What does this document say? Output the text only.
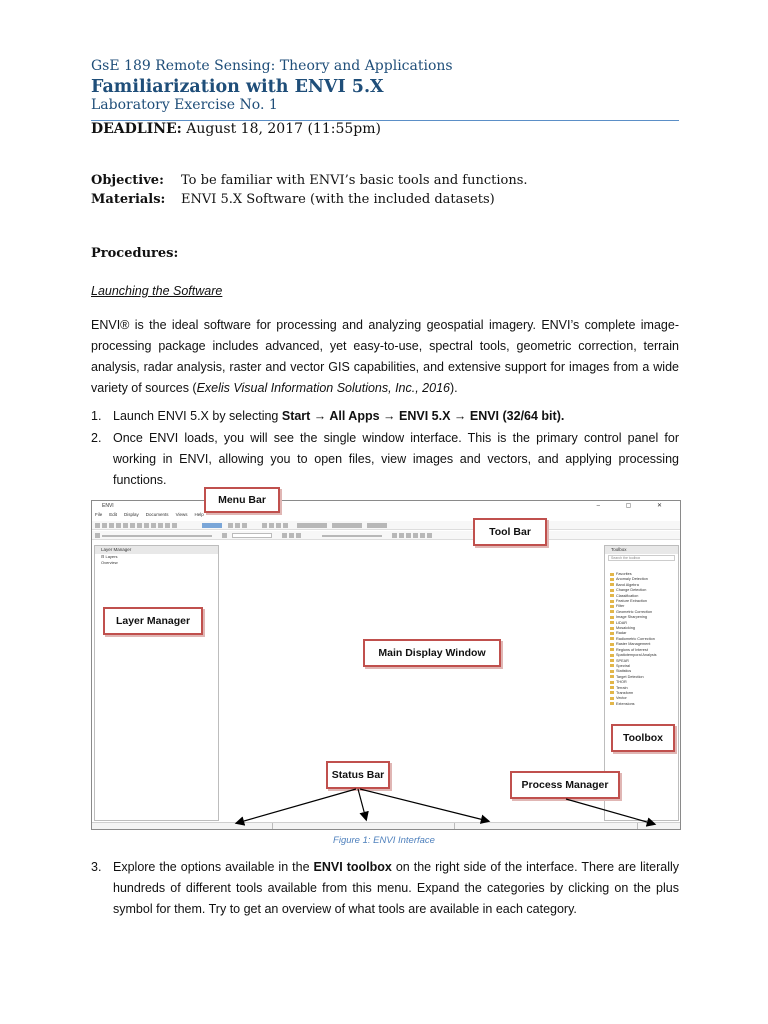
GsE 189 Remote Sensing: Theory and Applications
Familiarization with ENVI 5.X
Laboratory Exercise No. 1
DEADLINE: August 18, 2017 (11:55pm)
Objective: To be familiar with ENVI’s basic tools and functions.
Materials: ENVI 5.X Software (with the included datasets)
Procedures:
Launching the Software
ENVI® is the ideal software for processing and analyzing geospatial imagery. ENVI’s complete image-processing package includes advanced, yet easy-to-use, spectral tools, geometric correction, terrain analysis, radar analysis, raster and vector GIS capabilities, and extensive support for images from a wide variety of sources (Exelis Visual Information Solutions, Inc., 2016).
1. Launch ENVI 5.X by selecting Start → All Apps → ENVI 5.X → ENVI (32/64 bit).
2. Once ENVI loads, you will see the single window interface. This is the primary control panel for working in ENVI, allowing you to open files, view images and vectors, and applying processing functions.
ENVI	– ▢ ✕
File Edit Display Documents Views Help
Layer Manager
⊟ Layers
Overview
Toolbox
Search the toolbox
Favorites
Anomaly Detection
Band Algebra
Change Detection
Classification
Feature Extraction
Filter
Geometric Correction
Image Sharpening
LiDAR
Mosaicking
Radar
Radiometric Correction
Raster Management
Regions of Interest
Spatiotemporal Analysis
SPEAR
Spectral
Statistics
Target Detection
THOR
Terrain
Transform
Vector
Extensions
Menu Bar
Tool Bar
Layer Manager
Main Display Window
Toolbox
Status Bar
Process Manager
Figure 1: ENVI Interface
3. Explore the options available in the ENVI toolbox on the right side of the interface. There are literally hundreds of different tools available from this menu. Expand the categories by clicking on the plus symbol for them. Try to get an overview of what tools are available in each category.
